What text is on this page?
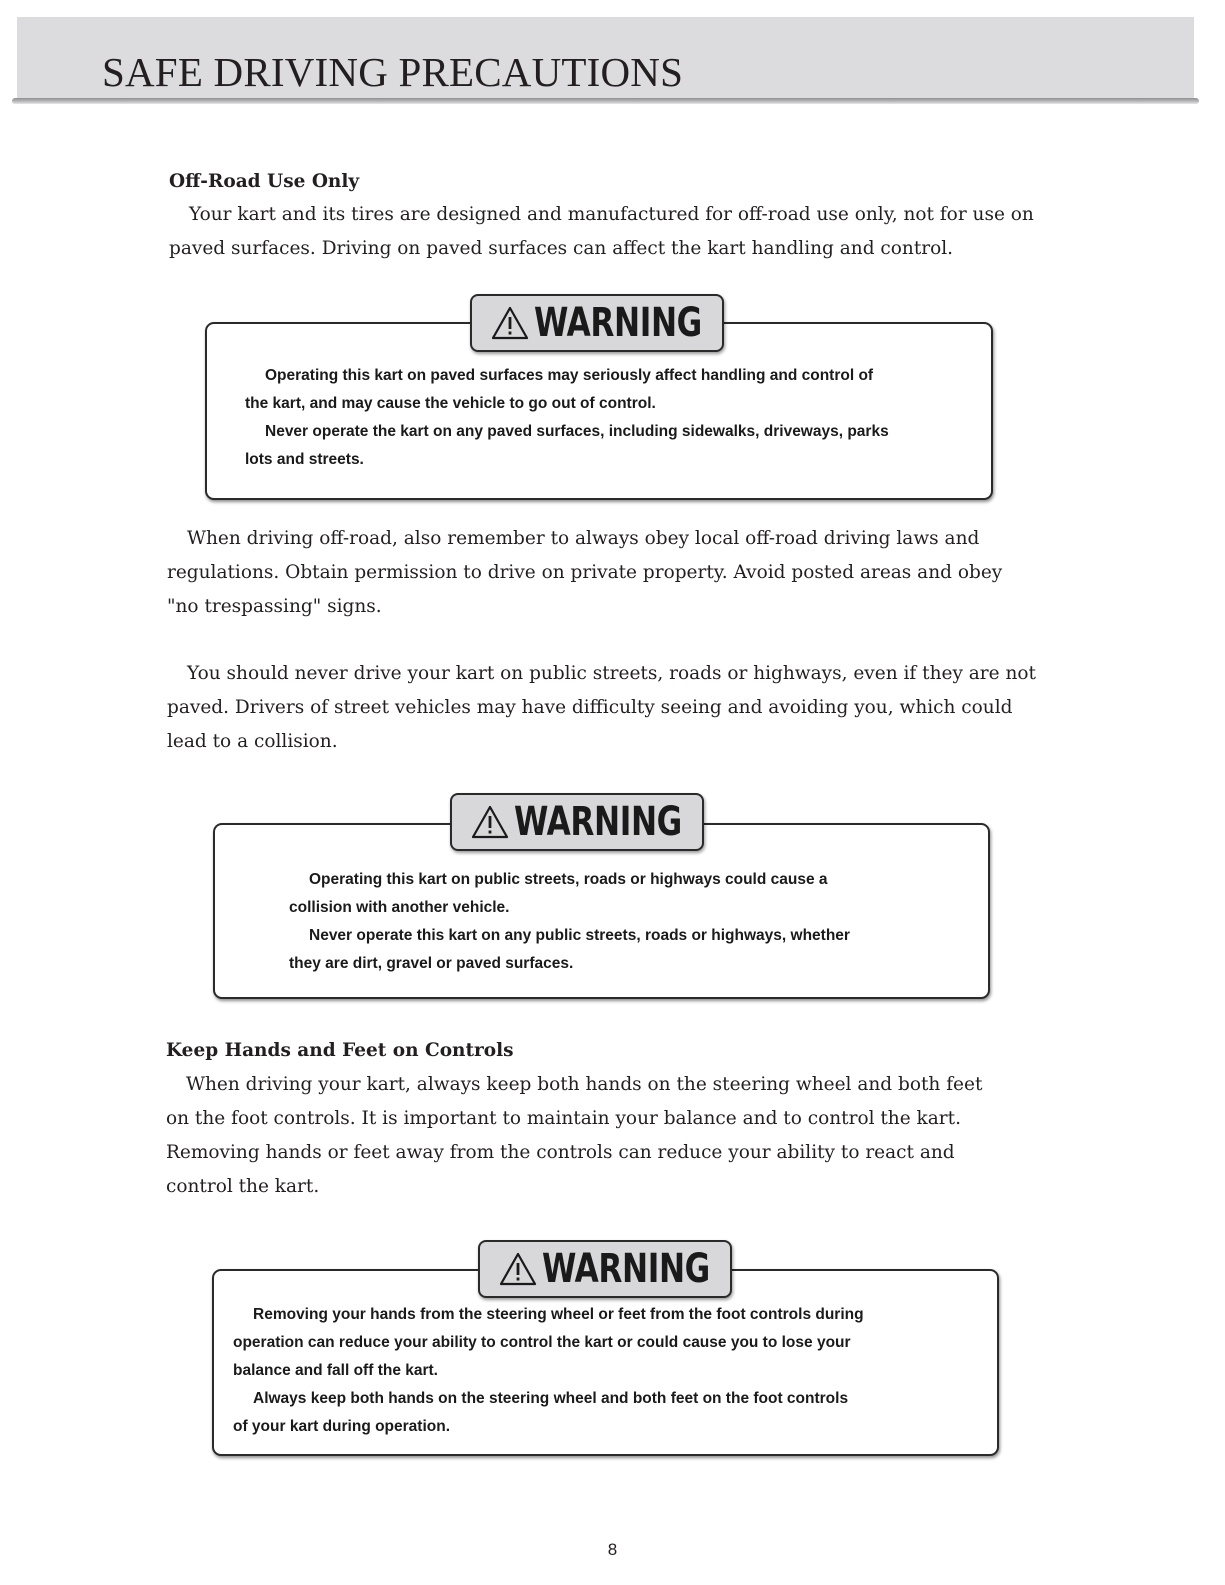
SAFE DRIVING PRECAUTIONS
Off-Road Use Only

Your kart and its tires are designed and manufactured for off-road use only, not for use on
paved surfaces. Driving on paved surfaces can affect the kart handling and control.

WARNING

Operating this kart on paved surfaces may seriously affect handling and control of
the kart, and may cause the vehicle to go out of control.
Never operate the kart on any paved surfaces, including sidewalks, driveways, parks
lots and streets.

When driving off-road, also remember to always obey local off-road driving laws and
regulations. Obtain permission to drive on private property. Avoid posted areas and obey
"no trespassing" signs.

You should never drive your kart on public streets, roads or highways, even if they are not
paved. Drivers of street vehicles may have difficulty seeing and avoiding you, which could
lead to a collision.

WARNING

Operating this kart on public streets, roads or highways could cause a
collision with another vehicle.
Never operate this kart on any public streets, roads or highways, whether
they are dirt, gravel or paved surfaces.

Keep Hands and Feet on Controls

When driving your kart, always keep both hands on the steering wheel and both feet
on the foot controls. It is important to maintain your balance and to control the kart.
Removing hands or feet away from the controls can reduce your ability to react and
control the kart.

WARNING

Removing your hands from the steering wheel or feet from the foot controls during
operation can reduce your ability to control the kart or could cause you to lose your
balance and fall off the kart.
Always keep both hands on the steering wheel and both feet on the foot controls
of your kart during operation.

8
